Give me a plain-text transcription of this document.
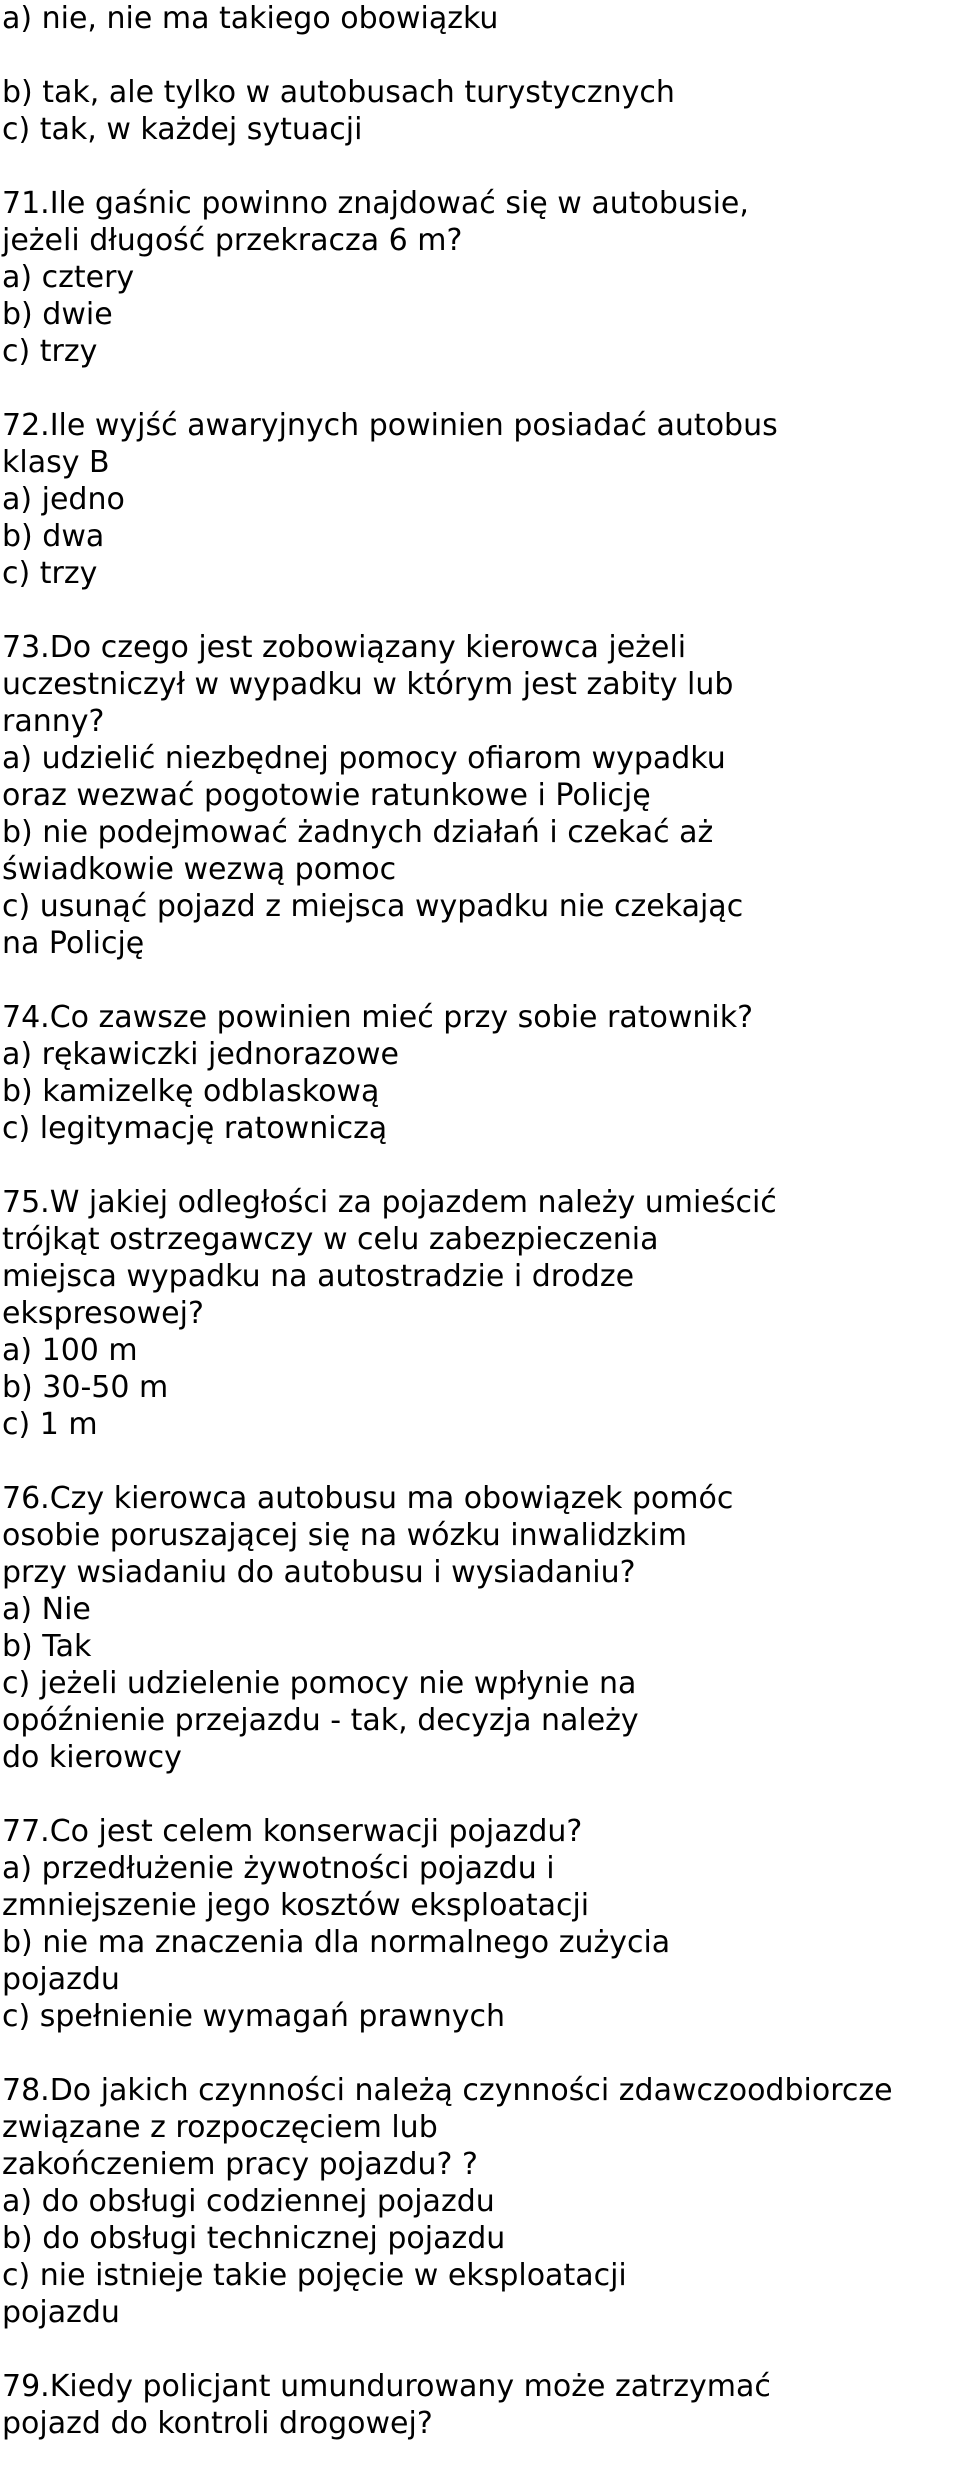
a) nie, nie ma takiego obowiązku
b) tak, ale tylko w autobusach turystycznych
c) tak, w każdej sytuacji
71.Ile gaśnic powinno znajdować się w autobusie,
jeżeli długość przekracza 6 m?
a) cztery
b) dwie
c) trzy
72.Ile wyjść awaryjnych powinien posiadać autobus
klasy B
a) jedno
b) dwa
c) trzy
73.Do czego jest zobowiązany kierowca jeżeli
uczestniczył w wypadku w którym jest zabity lub
ranny?
a) udzielić niezbędnej pomocy ofiarom wypadku
oraz wezwać pogotowie ratunkowe i Policję
b) nie podejmować żadnych działań i czekać aż
świadkowie wezwą pomoc
c) usunąć pojazd z miejsca wypadku nie czekając
na Policję
74.Co zawsze powinien mieć przy sobie ratownik?
a) rękawiczki jednorazowe
b) kamizelkę odblaskową
c) legitymację ratowniczą
75.W jakiej odległości za pojazdem należy umieścić
trójkąt ostrzegawczy w celu zabezpieczenia
miejsca wypadku na autostradzie i drodze
ekspresowej?
a) 100 m
b) 30-50 m
c) 1 m
76.Czy kierowca autobusu ma obowiązek pomóc
osobie poruszającej się na wózku inwalidzkim
przy wsiadaniu do autobusu i wysiadaniu?
a) Nie
b) Tak
c) jeżeli udzielenie pomocy nie wpłynie na
opóźnienie przejazdu - tak, decyzja należy
do kierowcy
77.Co jest celem konserwacji pojazdu?
a) przedłużenie żywotności pojazdu i
zmniejszenie jego kosztów eksploatacji
b) nie ma znaczenia dla normalnego zużycia
pojazdu
c) spełnienie wymagań prawnych
78.Do jakich czynności należą czynności zdawczoodbiorcze
związane z rozpoczęciem lub
zakończeniem pracy pojazdu? ?
a) do obsługi codziennej pojazdu
b) do obsługi technicznej pojazdu
c) nie istnieje takie pojęcie w eksploatacji
pojazdu
79.Kiedy policjant umundurowany może zatrzymać
pojazd do kontroli drogowej?
